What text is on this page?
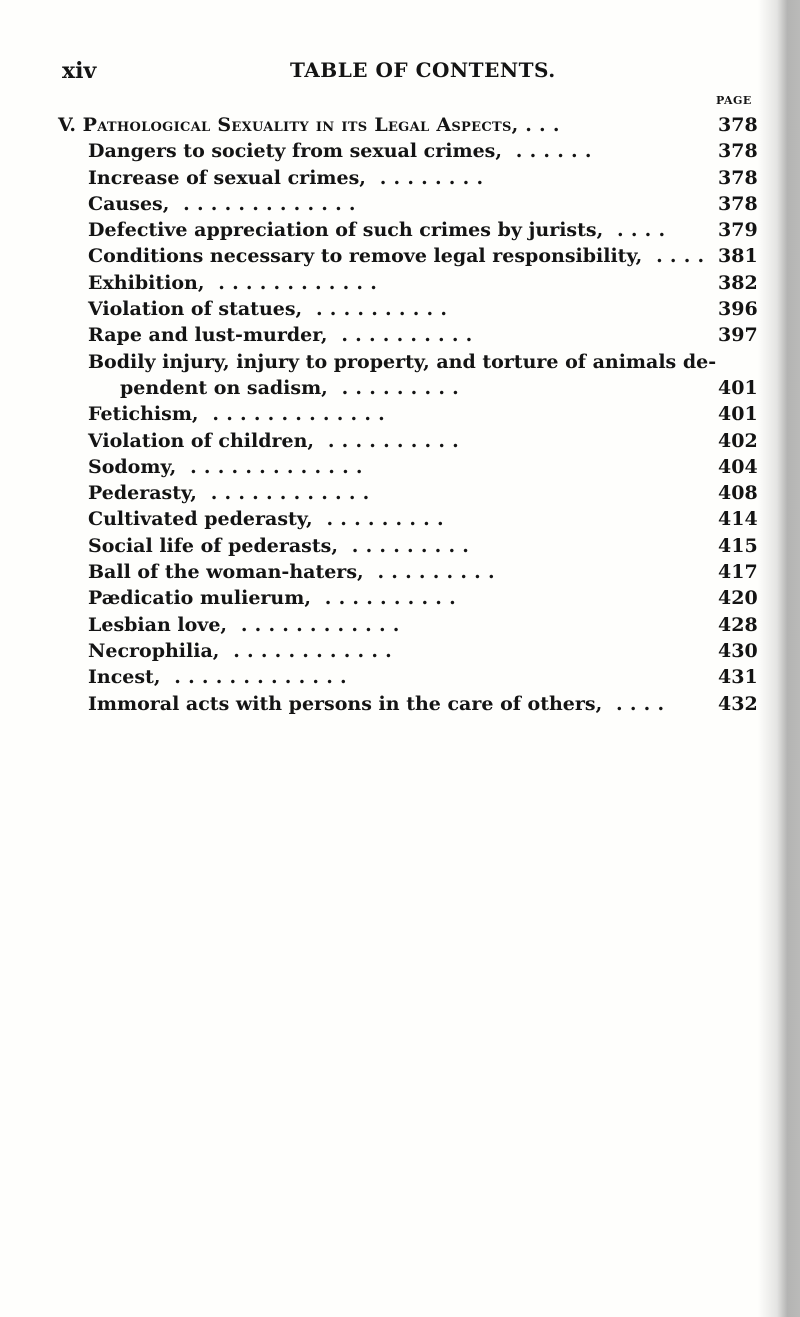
xiv	TABLE OF CONTENTS.
PAGE
V. Pathological Sexuality in its Legal Aspects, ...	378
Dangers to society from sexual crimes, ......	378
Increase of sexual crimes, ........	378
Causes, .............	378
Defective appreciation of such crimes by jurists, .... 379
Conditions necessary to remove legal responsibility, .... 381
Exhibition, ............	382
Violation of statues, ..........	396
Rape and lust-murder, ..........	397
Bodily injury, injury to property, and torture of animals de-
pendent on sadism, .........	401
Fetichism, .............	401
Violation of children, ..........	402
Sodomy, .............	404
Pederasty, ............	408
Cultivated pederasty, .........	414
Social life of pederasts, .........	415
Ball of the woman-haters, .........	417
Pædicatio mulierum, ..........	420
Lesbian love, ............	428
Necrophilia, ............	430
Incest, .............	431
Immoral acts with persons in the care of others, .... 432
